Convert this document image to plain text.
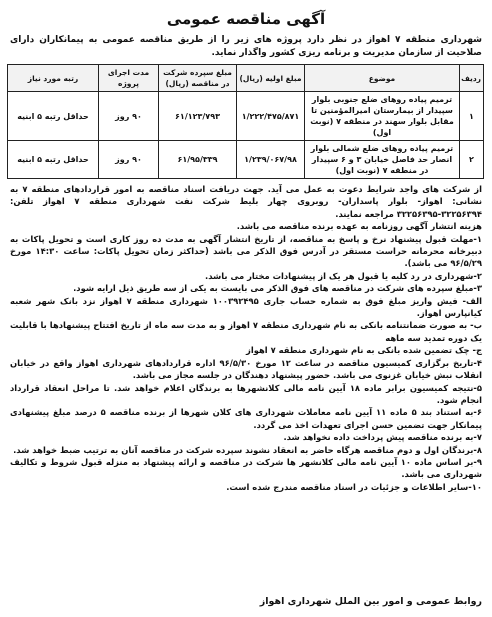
آگهی مناقصه عمومی
شهرداری منطقه ۷ اهواز در نظر دارد پروژه های زیر را از طریق مناقصه عمومی به پیمانکاران دارای صلاحیت از سازمان مدیریت و برنامه ریزی کشور واگذار نماید.
ردیف	موضوع	مبلغ اولیه (ریال)	مبلغ سپرده شرکت در مناقصه (ریال)	مدت اجرای پروژه	رتبه مورد نیاز
۱	ترمیم پیاده روهای ضلع جنوبی بلوار سپیدار از بیمارستان امیرالمؤمنین تا مقابل بلوار سهند در منطقه ۷ (نوبت اول)	۱/۲۲۲/۴۷۵/۸۷۱	۶۱/۱۲۳/۷۹۳	۹۰ روز	حداقل رتبه ۵ ابنیه
۲	ترمیم پیاده روهای ضلع شمالی بلوار انصار حد فاصل خیابان ۳ و ۶ سپیدار در منطقه ۷ (نوبت اول)	۱/۲۳۹/۰۶۷/۹۸	۶۱/۹۵/۳۳۹	۹۰ روز	حداقل رتبه ۵ ابنیه

از شرکت های واجد شرایط دعوت به عمل می آید. جهت دریافت اسناد مناقصه به امور قراردادهای منطقه ۷ به نشانی: اهواز- بلوار پاسداران- روبروی چهار بلیط شرکت نفت شهرداری منطقه ۷ اهواز تلفن: ۳۲۲۵۶۳۹۴-۳۲۲۵۶۳۹۵ مراجعه نمایند.

هزینه انتشار آگهی روزنامه به عهده برنده مناقصه می باشد.

۱-مهلت قبول پیشنهاد نرخ و پاسخ به مناقصه، از تاریخ انتشار آگهی به مدت ده روز کاری است و تحویل پاکات به دبیرخانه محرمانه حراست مستقر در آدرس فوق الذکر می باشد (حداکثر زمان تحویل پاکات: ساعت ۱۴:۳۰ مورخ ۹۶/۵/۲۹ می باشد).

۲-شهرداری در رد کلیه یا قبول هر یک از پیشنهادات مختار می باشد.

۳-مبلغ سپرده های شرکت در مناقصه های فوق الذکر می بایست به یکی از سه طریق ذیل ارایه شود.

الف- فیش واریز مبلغ فوق به شماره حساب جاری ۱۰۰۳۹۲۴۹۵ شهرداری منطقه ۷ اهواز نزد بانک شهر شعبه کیانپارس اهواز.

ب- به صورت ضمانتنامه بانکی به نام شهرداری منطقه ۷ اهواز و به مدت سه ماه از تاریخ افتتاح پیشنهادها با قابلیت یک دوره تمدید سه ماهه

ج- چک تضمین شده بانکی به نام شهرداری منطقه ۷ اهواز

۴-تاریخ برگزاری کمیسیون مناقصه در ساعت ۱۲ مورخ ۹۶/۵/۳۰ اداره قراردادهای شهرداری اهواز واقع در خیابان انقلاب نبش خیابان غزنوی می باشد. حضور پیشنهاد دهندگان در جلسه مجاز می باشد.

۵-نتیجه کمیسیون برابر ماده ۱۸ آیین نامه مالی کلانشهرها به برندگان اعلام خواهد شد. تا مراحل انعقاد قرارداد انجام شود.

۶-به استناد بند ۵ ماده ۱۱ آیین نامه معاملات شهرداری های کلان شهرها از برنده مناقصه ۵ درصد مبلغ پیشنهادی پیمانکار جهت تضمین حسن اجرای تعهدات اخذ می گردد.

۷-به برنده مناقصه پیش پرداخت داده نخواهد شد.

۸-برندگان اول و دوم مناقصه هرگاه حاضر به انعقاد نشوند سپرده شرکت در مناقصه آنان به ترتیب ضبط خواهد شد.

۹-بر اساس ماده ۱۰ آیین نامه مالی کلانشهر ها شرکت در مناقصه و ارائه پیشنهاد به منزله قبول شروط و تکالیف شهرداری می باشد.

۱۰-سایر اطلاعات و جزئیات در اسناد مناقصه مندرج شده است.

روابط عمومی و امور بین الملل شهرداری اهواز
